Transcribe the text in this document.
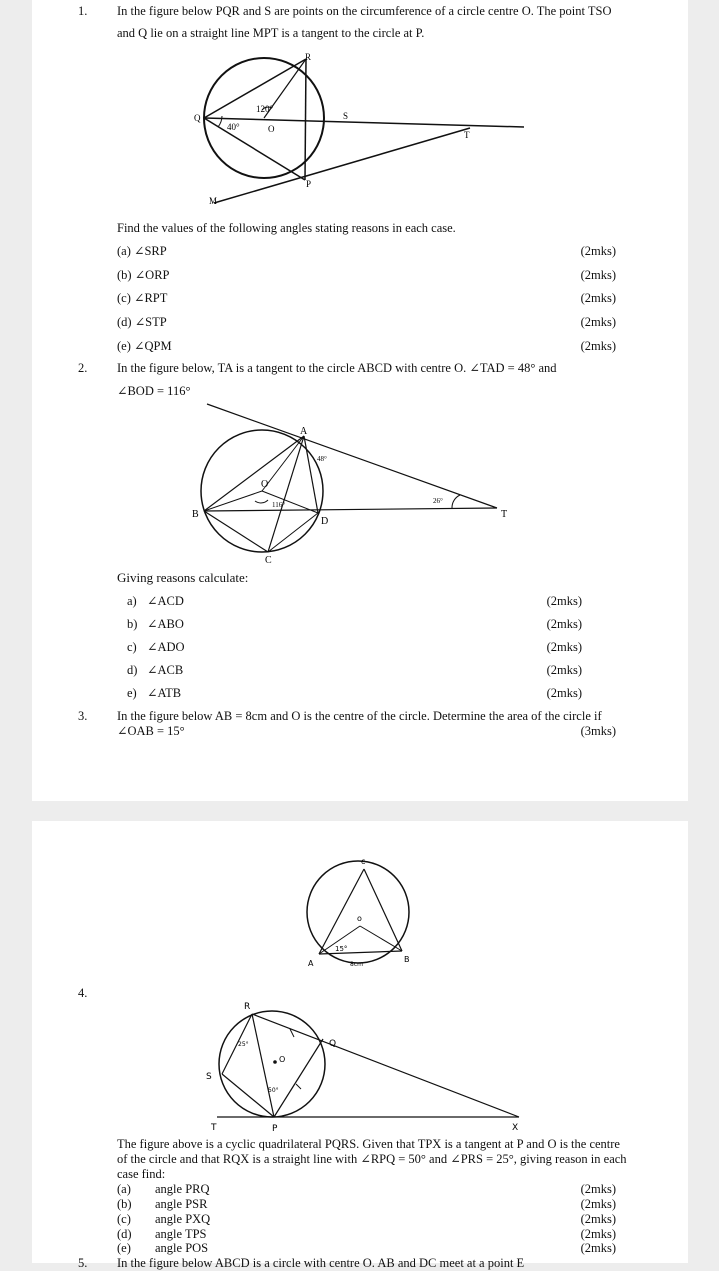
1. In the figure below PQR and S are points on the circumference of a circle centre O. The point TSO
and Q lie on a straight line MPT is a tangent to the circle at P.
R
Q	S
T
P
M
O
120°
40°
Find the values of the following angles stating reasons in each case.
(a) ∠SRP	(2mks)
(b) ∠ORP	(2mks)
(c) ∠RPT	(2mks)
(d) ∠STP	(2mks)
(e) ∠QPM	(2mks)
2. In the figure below, TA is a tangent to the circle ABCD with centre O. ∠TAD = 48° and
∠BOD = 116°
A
B
C
D
O
T
48°
116°	26°
Giving reasons calculate:
a) ∠ACD	(2mks)
b) ∠ABO	(2mks)
c) ∠ADO	(2mks)
d) ∠ACB	(2mks)
e) ∠ATB	(2mks)
3. In the figure below AB = 8cm and O is the centre of the circle. Determine the area of the circle if
∠OAB = 15°	(3mks)
c
o
A	B
15°
8cm
4.
R
Q
S
O
T	P	X
25°
50°
The figure above is a cyclic quadrilateral PQRS. Given that TPX is a tangent at P and O is the centre
of the circle and that RQX is a straight line with ∠RPQ = 50° and ∠PRS = 25°, giving reason in each
case find:
(a) angle PRQ	(2mks)
(b) angle PSR	(2mks)
(c) angle PXQ	(2mks)
(d) angle TPS	(2mks)
(e) angle POS	(2mks)
5. In the figure below ABCD is a circle with centre O. AB and DC meet at a point E
